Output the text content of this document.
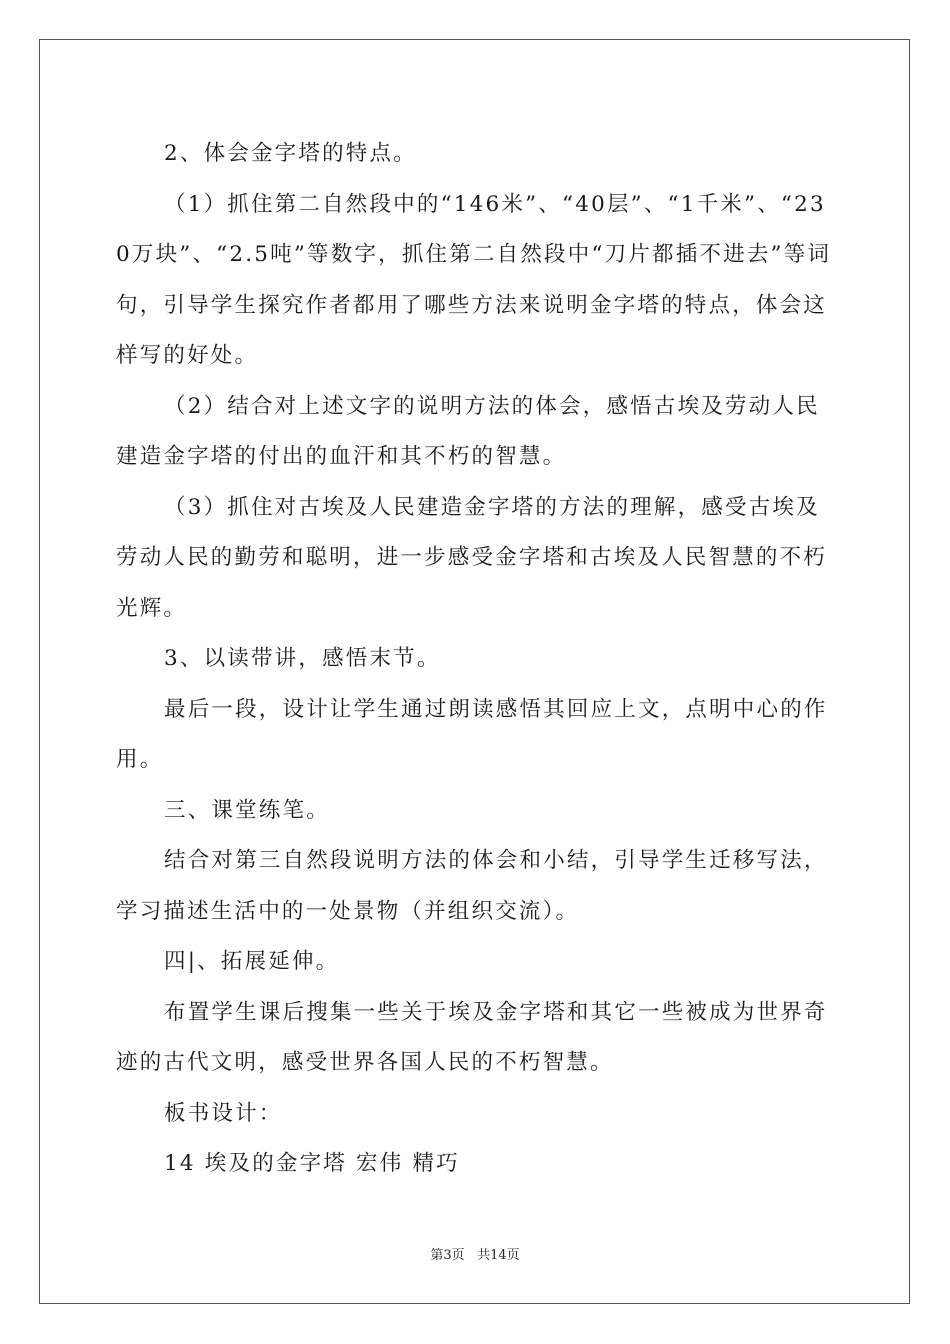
2、体会金字塔的特点。

（1）抓住第二自然段中的“146米”、“40层”、“1千米”、“230万块”、“2.5吨”等数字，抓住第二自然段中“刀片都插不进去”等词句，引导学生探究作者都用了哪些方法来说明金字塔的特点，体会这样写的好处。

（2）结合对上述文字的说明方法的体会，感悟古埃及劳动人民建造金字塔的付出的血汗和其不朽的智慧。

（3）抓住对古埃及人民建造金字塔的方法的理解，感受古埃及劳动人民的勤劳和聪明，进一步感受金字塔和古埃及人民智慧的不朽光辉。

3、以读带讲，感悟末节。

最后一段，设计让学生通过朗读感悟其回应上文，点明中心的作用。

三、课堂练笔。

结合对第三自然段说明方法的体会和小结，引导学生迁移写法，学习描述生活中的一处景物（并组织交流）。

四|、拓展延伸。

布置学生课后搜集一些关于埃及金字塔和其它一些被成为世界奇迹的古代文明，感受世界各国人民的不朽智慧。

板书设计：

14 埃及的金字塔 宏伟 精巧

第3页 共14页
